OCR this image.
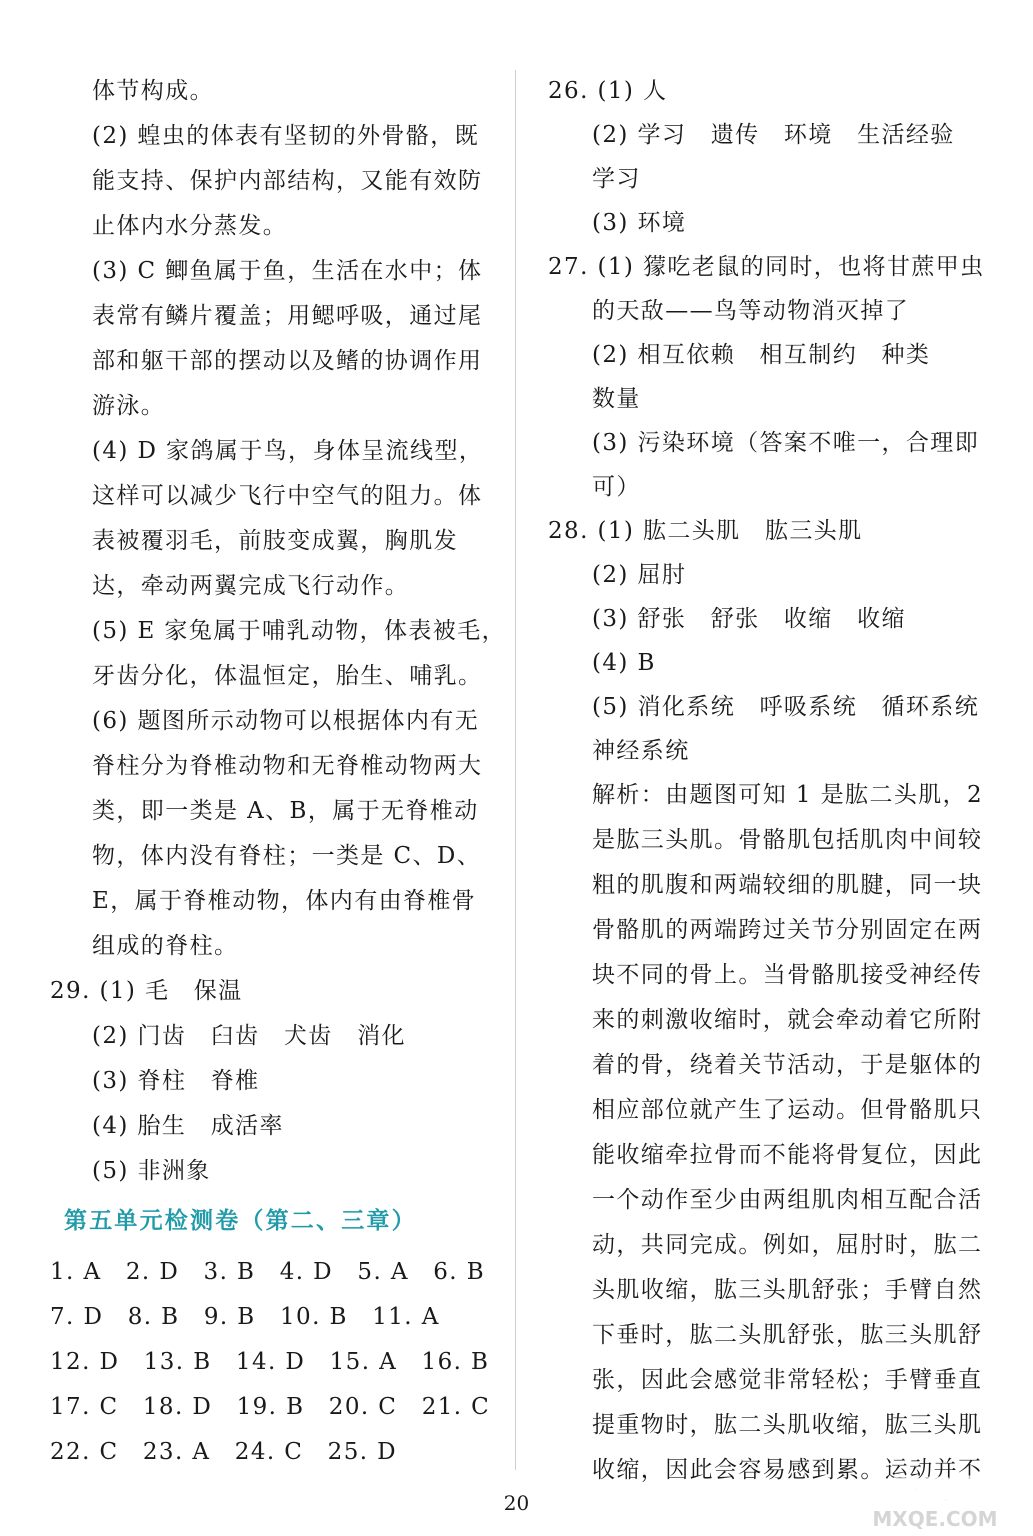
体节构成。
(2) 蝗虫的体表有坚韧的外骨骼，既
能支持、保护内部结构，又能有效防
止体内水分蒸发。
(3) C 鲫鱼属于鱼，生活在水中；体
表常有鳞片覆盖；用鳃呼吸，通过尾
部和躯干部的摆动以及鳍的协调作用
游泳。
(4) D 家鸽属于鸟，身体呈流线型，
这样可以减少飞行中空气的阻力。体
表被覆羽毛，前肢变成翼，胸肌发
达，牵动两翼完成飞行动作。
(5) E 家兔属于哺乳动物，体表被毛，
牙齿分化，体温恒定，胎生、哺乳。
(6) 题图所示动物可以根据体内有无
脊柱分为脊椎动物和无脊椎动物两大
类，即一类是 A、B，属于无脊椎动
物，体内没有脊柱；一类是 C、D、
E，属于脊椎动物，体内有由脊椎骨
组成的脊柱。
29. (1) 毛　保温
(2) 门齿　臼齿　犬齿　消化
(3) 脊柱　脊椎
(4) 胎生　成活率
(5) 非洲象
第五单元检测卷（第二、三章）
1. A　2. D　3. B　4. D　5. A　6. B
7. D　8. B　9. B　10. B　11. A
12. D　13. B　14. D　15. A　16. B
17. C　18. D　19. B　20. C　21. C
22. C　23. A　24. C　25. D
26. (1) 人
(2) 学习　遗传　环境　生活经验
学习
(3) 环境
27. (1) 獴吃老鼠的同时，也将甘蔗甲虫
的天敌——鸟等动物消灭掉了
(2) 相互依赖　相互制约　种类
数量
(3) 污染环境（答案不唯一，合理即
可）
28. (1) 肱二头肌　肱三头肌
(2) 屈肘
(3) 舒张　舒张　收缩　收缩
(4) B
(5) 消化系统　呼吸系统　循环系统
神经系统
解析：由题图可知 1 是肱二头肌，2
是肱三头肌。骨骼肌包括肌肉中间较
粗的肌腹和两端较细的肌腱，同一块
骨骼肌的两端跨过关节分别固定在两
块不同的骨上。当骨骼肌接受神经传
来的刺激收缩时，就会牵动着它所附
着的骨，绕着关节活动，于是躯体的
相应部位就产生了运动。但骨骼肌只
能收缩牵拉骨而不能将骨复位，因此
一个动作至少由两组肌肉相互配合活
动，共同完成。例如，屈肘时，肱二
头肌收缩，肱三头肌舒张；手臂自然
下垂时，肱二头肌舒张，肱三头肌舒
张，因此会感觉非常轻松；手臂垂直
提重物时，肱二头肌收缩，肱三头肌
收缩，因此会容易感到累。运动并不
20	答案圈
MXQE.COM
